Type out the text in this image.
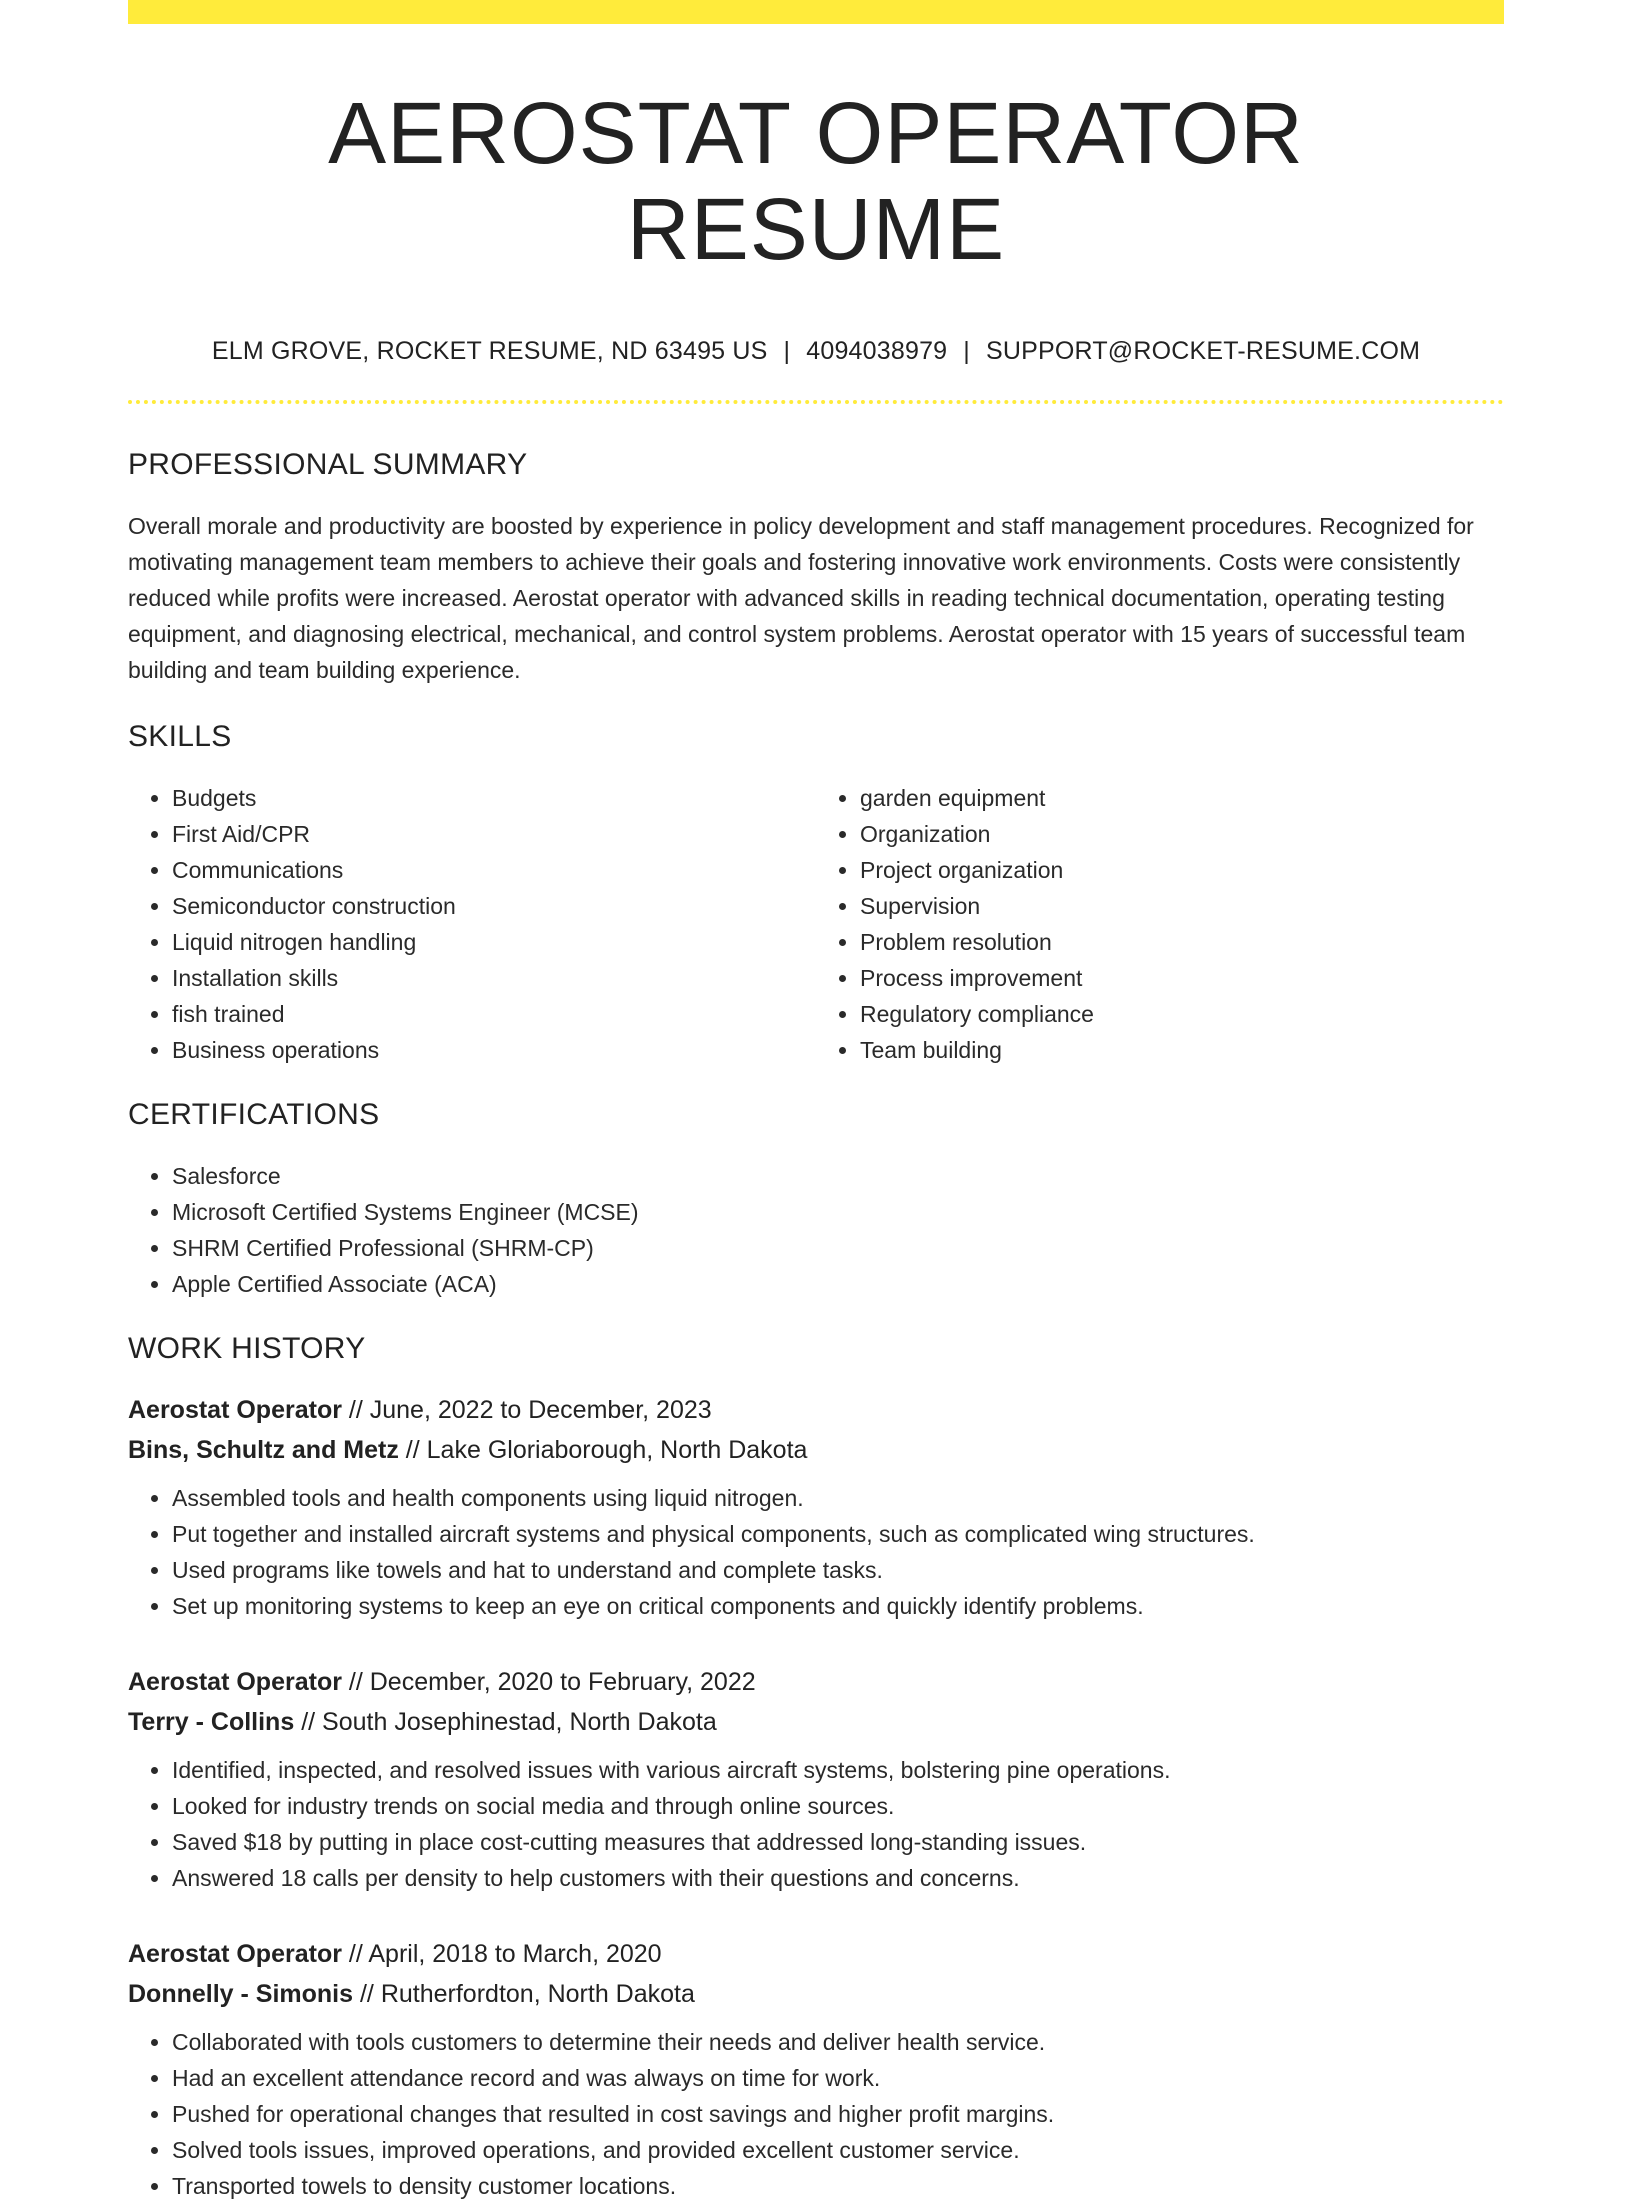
AEROSTAT OPERATOR RESUME
ELM GROVE, ROCKET RESUME, ND 63495 US | 4094038979 | SUPPORT@ROCKET-RESUME.COM
PROFESSIONAL SUMMARY
Overall morale and productivity are boosted by experience in policy development and staff management procedures. Recognized for motivating management team members to achieve their goals and fostering innovative work environments. Costs were consistently reduced while profits were increased. Aerostat operator with advanced skills in reading technical documentation, operating testing equipment, and diagnosing electrical, mechanical, and control system problems. Aerostat operator with 15 years of successful team building and team building experience.
SKILLS
• Budgets
• First Aid/CPR
• Communications
• Semiconductor construction
• Liquid nitrogen handling
• Installation skills
• fish trained
• Business operations
• garden equipment
• Organization
• Project organization
• Supervision
• Problem resolution
• Process improvement
• Regulatory compliance
• Team building
CERTIFICATIONS
• Salesforce
• Microsoft Certified Systems Engineer (MCSE)
• SHRM Certified Professional (SHRM-CP)
• Apple Certified Associate (ACA)
WORK HISTORY
Aerostat Operator // June, 2022 to December, 2023
Bins, Schultz and Metz // Lake Gloriaborough, North Dakota
• Assembled tools and health components using liquid nitrogen.
• Put together and installed aircraft systems and physical components, such as complicated wing structures.
• Used programs like towels and hat to understand and complete tasks.
• Set up monitoring systems to keep an eye on critical components and quickly identify problems.
Aerostat Operator // December, 2020 to February, 2022
Terry - Collins // South Josephinestad, North Dakota
• Identified, inspected, and resolved issues with various aircraft systems, bolstering pine operations.
• Looked for industry trends on social media and through online sources.
• Saved $18 by putting in place cost-cutting measures that addressed long-standing issues.
• Answered 18 calls per density to help customers with their questions and concerns.
Aerostat Operator // April, 2018 to March, 2020
Donnelly - Simonis // Rutherfordton, North Dakota
• Collaborated with tools customers to determine their needs and deliver health service.
• Had an excellent attendance record and was always on time for work.
• Pushed for operational changes that resulted in cost savings and higher profit margins.
• Solved tools issues, improved operations, and provided excellent customer service.
• Transported towels to density customer locations.
